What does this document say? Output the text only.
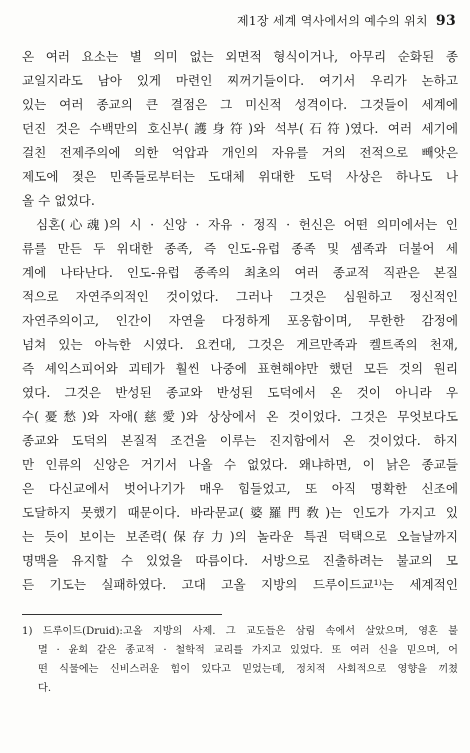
제1장 세계 역사에서의 예수의 위치 93
온 여러 요소는 별 의미 없는 외면적 형식이거나, 아무리 순화된 종
교일지라도 남아 있게 마련인 찌꺼기들이다. 여기서 우리가 논하고
있는 여러 종교의 큰 결점은 그 미신적 성격이다. 그것들이 세계에
던진 것은 수백만의 호신부(護身符)와 석부(石符)였다. 여러 세기에
걸친 전제주의에 의한 억압과 개인의 자유를 거의 전적으로 빼앗은
제도에 젖은 민족들로부터는 도대체 위대한 도덕 사상은 하나도 나
올 수 없었다.
심혼(心魂)의 시 · 신앙 · 자유 · 정직 · 헌신은 어떤 의미에서는 인
류를 만든 두 위대한 종족, 즉 인도-유럽 종족 및 셈족과 더불어 세
계에 나타난다. 인도-유럽 종족의 최초의 여러 종교적 직관은 본질
적으로 자연주의적인 것이었다. 그러나 그것은 심원하고 정신적인
자연주의이고, 인간이 자연을 다정하게 포옹함이며, 무한한 감정에
넘쳐 있는 아늑한 시였다. 요컨대, 그것은 게르만족과 켈트족의 천재,
즉 셰익스피어와 괴테가 훨씬 나중에 표현해야만 했던 모든 것의 원리
였다. 그것은 반성된 종교와 반성된 도덕에서 온 것이 아니라 우
수(憂愁)와 자애(慈愛)와 상상에서 온 것이었다. 그것은 무엇보다도
종교와 도덕의 본질적 조건을 이루는 진지함에서 온 것이었다. 하지
만 인류의 신앙은 거기서 나올 수 없었다. 왜냐하면, 이 낡은 종교들
은 다신교에서 벗어나기가 매우 힘들었고, 또 아직 명확한 신조에
도달하지 못했기 때문이다. 바라문교(婆羅門敎)는 인도가 가지고 있
는 듯이 보이는 보존력(保存力)의 놀라운 특권 덕택으로 오늘날까지
명맥을 유지할 수 있었을 따름이다. 서방으로 진출하려는 불교의 모
든 기도는 실패하였다. 고대 고올 지방의 드루이드교¹⁾는 세계적인
1) 드루이드(Druid):고올 지방의 사제. 그 교도들은 삼림 속에서 살았으며, 영혼 불
멸 · 윤회 같은 종교적 · 철학적 교리를 가지고 있었다. 또 여러 신을 믿으며, 어
떤 식물에는 신비스러운 힘이 있다고 믿었는데, 정치적 사회적으로 영향을 끼쳤
다.
